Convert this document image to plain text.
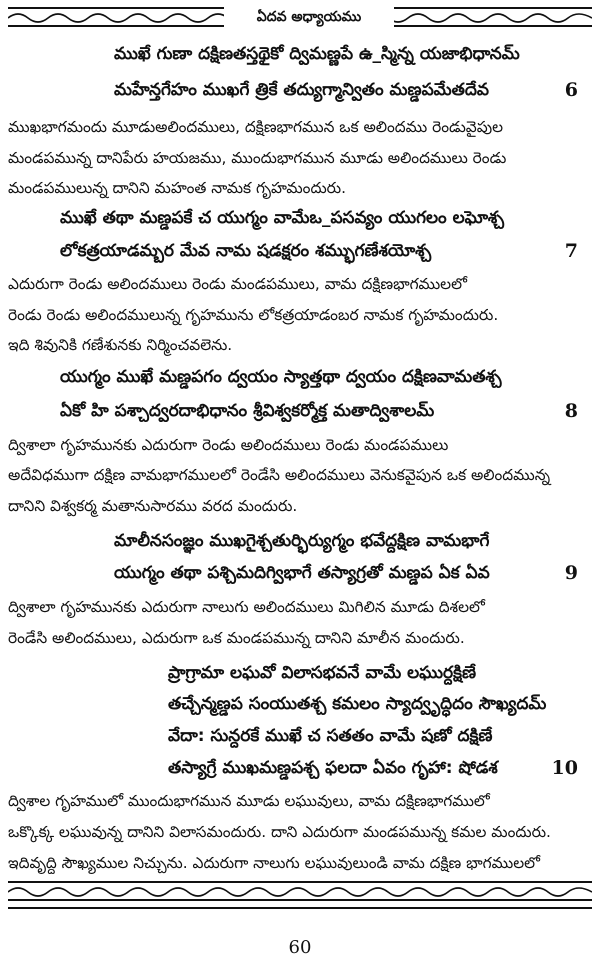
ఏదవ అధ్యాయము
ముఖే గుణా దక్షిణతస్తథైకో ద్విమణ్ణపే ఉ_స్మిన్న యజాభిధానమ్
మహేన్తగేహం ముఖగే త్రికే తద్యుగ్మాన్వితం మణ్డపమేతదేవ	6
ముఖభాగమందు మూడుఅలిందములు, దక్షిణభాగమున ఒక అలిందము రెండువైపుల
మండపమున్న దానిపేరు హయజము, ముందుభాగమున మూడు అలిందములు రెండు
మండపములున్న దానిని మహంత నామక గృహమందురు.
ముఖే తథా మణ్డపకే చ యుగ్మం వామేఒ_పసవ్యం యుగలం లఘోశ్చ
లోకత్రయాడమ్బర మేవ నామ షడక్షరం శమ్భుగణేశయోశ్చ	7
ఎదురుగా రెండు అలిందములు రెండు మండపములు, వామ దక్షిణభాగములలో
రెండు రెండు అలిందములున్న గృహమును లోకత్రయాడంబర నామక గృహమందురు.
ఇది శివునికి గణేశునకు నిర్మించవలెను.
యుగ్మం ముఖే మణ్డపగం ద్వయం స్యాత్తథా ద్వయం దక్షిణవామతశ్చ
ఏకో హి పశ్చాద్వరదాభిధానం శ్రీవిశ్వకర్మోక్త మతాద్విశాలమ్	8
ద్విశాలా గృహమునకు ఎదురుగా రెండు అలిందములు రెండు మండపములు
అదేవిధముగా దక్షిణ వామభాగములలో రెండేసి అలిందములు వెనుకవైపున ఒక అలిందమున్న
దానిని విశ్వకర్మ మతానుసారము వరద మందురు.
మాలీనసంజ్ఞం ముఖగైశ్చతుర్భిర్యుగ్మం భవేద్దక్షిణ వామభాగే
యుగ్మం తథా పశ్చిమదిగ్విభాగే తస్యాగ్రతో మణ్డప ఏక ఏవ	9
ద్విశాలా గృహమునకు ఎదురుగా నాలుగు అలిందములు మిగిలిన మూడు దిశలలో
రెండేసి అలిందములు, ఎదురుగా ఒక మండపమున్న దానిని మాలీన మందురు.
ప్రాగ్రామా లఘవో విలాసభవనే వామే లఘుర్దక్షిణే
తచ్చేన్మణ్డప సంయుతశ్చ కమలం స్యాద్వృద్ధిదం సౌఖ్యదమ్
వేదా: సున్దరకే ముఖే చ సతతం వామే షణో దక్షిణే
తస్యాగ్రే ముఖమణ్డపశ్చ ఫలదా ఏవం గృహా: షోడశ	10
ద్విశాల గృహములో ముందుభాగమున మూడు లఘువులు, వామ దక్షిణభాగములో
ఒక్కొక్క లఘువున్న దానిని విలాసమందురు. దాని ఎదురుగా మండపమున్న కమల మందురు.
ఇదివృద్ధి సౌఖ్యముల నిచ్చును. ఎదురుగా నాలుగు లఘువులుండి వామ దక్షిణ భాగములలో
60
